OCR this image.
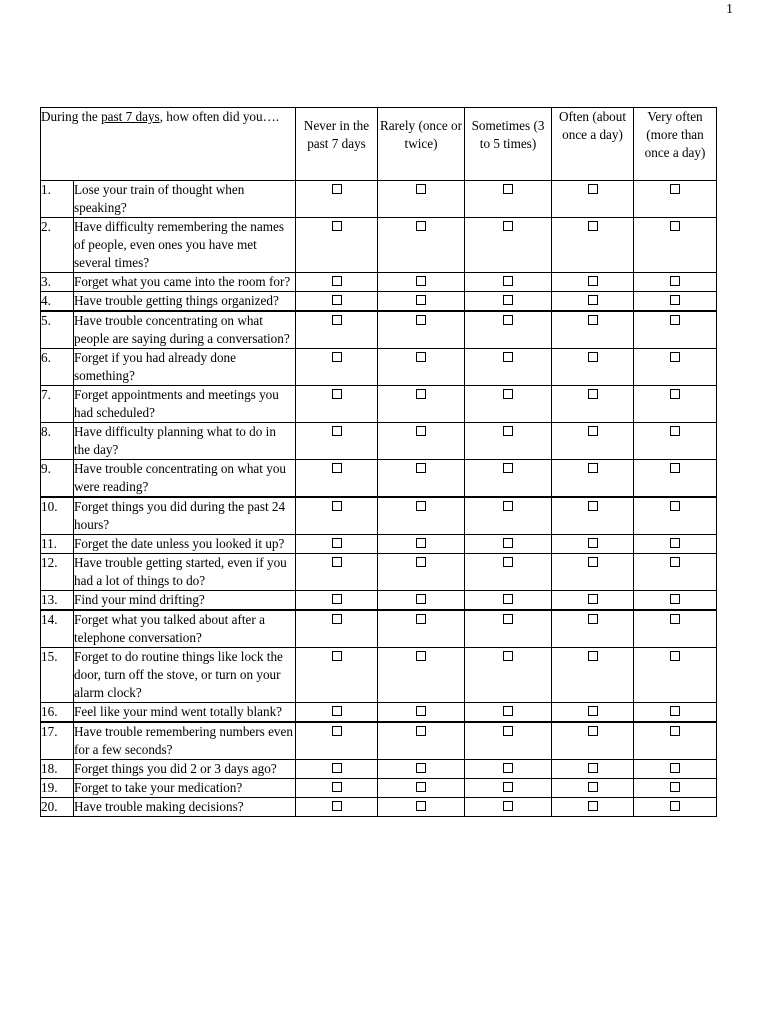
1
During the past 7 days, how often did you….		Never in the past 7 days	Rarely (once or twice)	Sometimes (3 to 5 times)	Often (about once a day)	Very often (more than once a day)
1.	Lose your train of thought when speaking?					
2.	Have difficulty remembering the names of people, even ones you have met several times?					
3.	Forget what you came into the room for?					
4.	Have trouble getting things organized?					
5.	Have trouble concentrating on what people are saying during a conversation?					
6.	Forget if you had already done something?					
7.	Forget appointments and meetings you had scheduled?					
8.	Have difficulty planning what to do in the day?					
9.	Have trouble concentrating on what you were reading?					
10.	Forget things you did during the past 24 hours?					
11.	Forget the date unless you looked it up?					
12.	Have trouble getting started, even if you had a lot of things to do?					
13.	Find your mind drifting?					
14.	Forget what you talked about after a telephone conversation?					
15.	Forget to do routine things like lock the door, turn off the stove, or turn on your alarm clock?					
16.	Feel like your mind went totally blank?					
17.	Have trouble remembering numbers even for a few seconds?					
18.	Forget things you did 2 or 3 days ago?					
19.	Forget to take your medication?					
20.	Have trouble making decisions?					
